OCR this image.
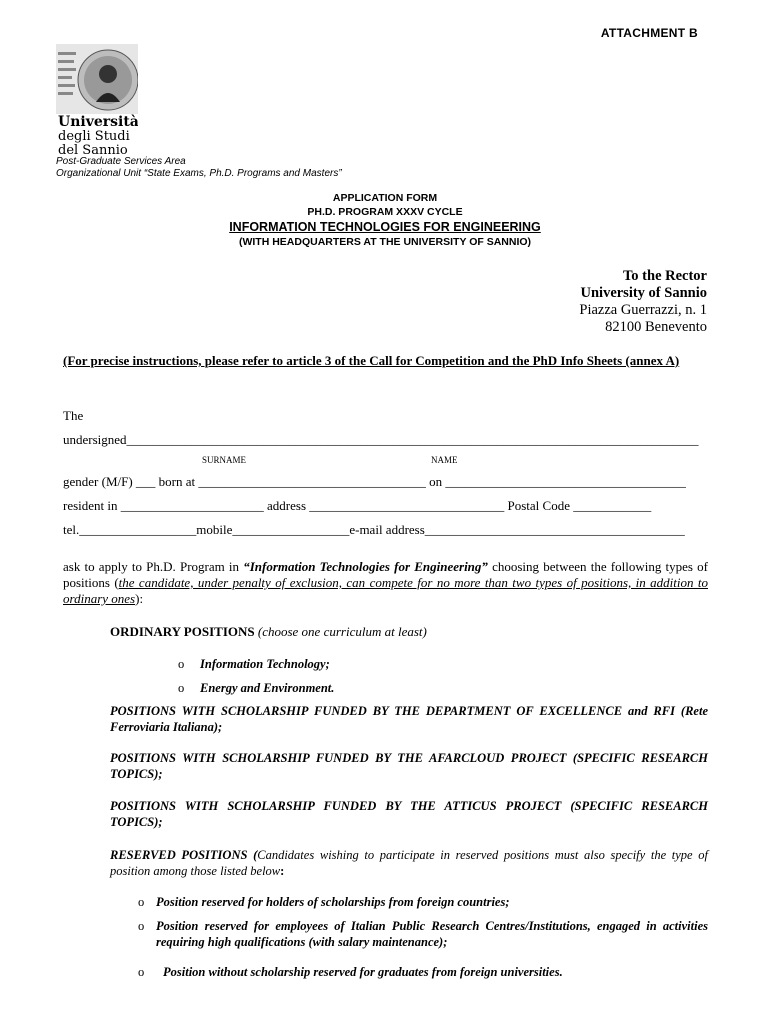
ATTACHMENT B
Università
degli Studi
del Sannio
Post-Graduate Services Area
Organizational Unit “State Exams, Ph.D. Programs and Masters”
APPLICATION FORM
PH.D. PROGRAM XXXV CYCLE
INFORMATION TECHNOLOGIES FOR ENGINEERING
(WITH HEADQUARTERS AT THE UNIVERSITY OF SANNIO)
To the Rector
University of Sannio
Piazza Guerrazzi, n. 1
82100 Benevento
(For precise instructions, please refer to article 3 of the Call for Competition and the PhD Info Sheets (annex A)
The
undersigned________________________________________________________________________________________
SURNAME	NAME
gender (M/F) ___ born at ___________________________________ on _____________________________________
resident in ______________________ address ______________________________ Postal Code ____________
tel.__________________mobile__________________e-mail address________________________________________
ask to apply to Ph.D. Program in “Information Technologies for Engineering” choosing between the following types of positions (the candidate, under penalty of exclusion, can compete for no more than two types of positions, in addition to ordinary ones):
ORDINARY POSITIONS (choose one curriculum at least)
o Information Technology;
o Energy and Environment.
POSITIONS WITH SCHOLARSHIP FUNDED BY THE DEPARTMENT OF EXCELLENCE and RFI (Rete Ferroviaria Italiana);
POSITIONS WITH SCHOLARSHIP FUNDED BY THE AFARCLOUD PROJECT (SPECIFIC RESEARCH TOPICS);
POSITIONS WITH SCHOLARSHIP FUNDED BY THE ATTICUS PROJECT (SPECIFIC RESEARCH TOPICS);
RESERVED POSITIONS (Candidates wishing to participate in reserved positions must also specify the type of position among those listed below:
o Position reserved for holders of scholarships from foreign countries;
o Position reserved for employees of Italian Public Research Centres/Institutions, engaged in activities requiring high qualifications (with salary maintenance);
o Position without scholarship reserved for graduates from foreign universities.
